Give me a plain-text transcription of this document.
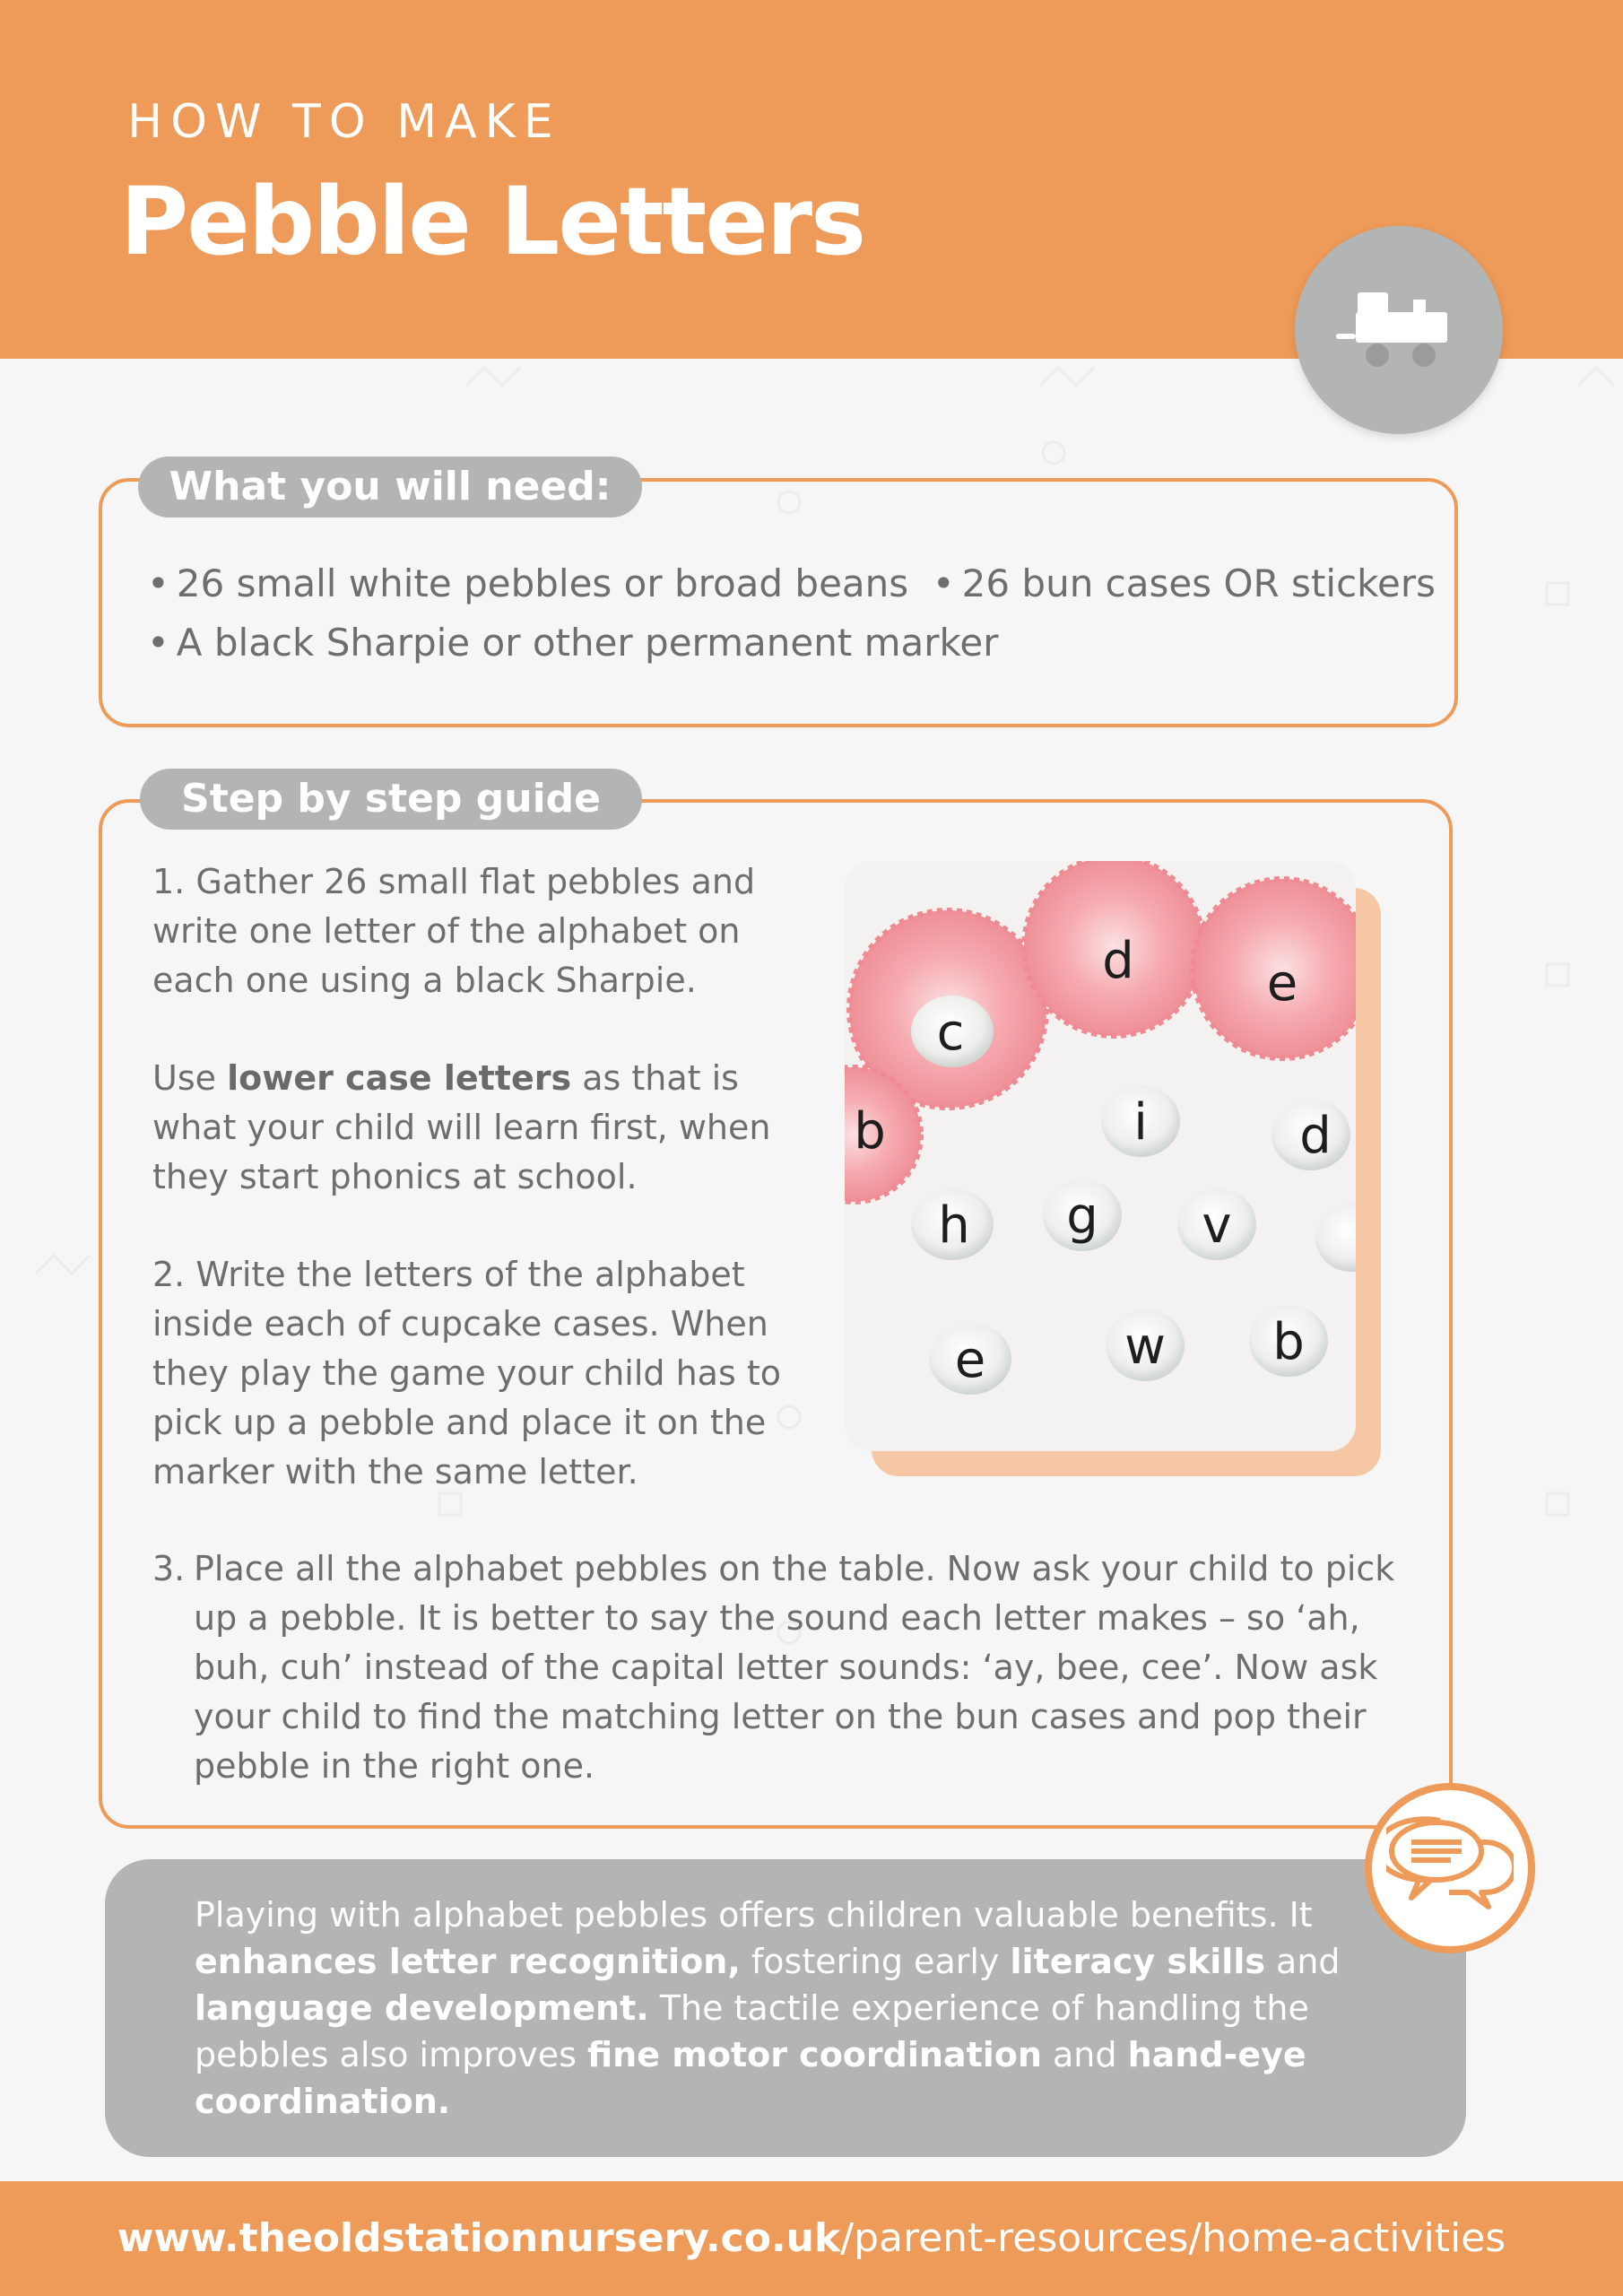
HOW TO MAKE
Pebble Letters
What you will need:
• 26 small white pebbles or broad beans • 26 bun cases OR stickers
• A black Sharpie or other permanent marker
Step by step guide

1. Gather 26 small flat pebbles and write one letter of the alphabet on each one using a black Sharpie.

Use lower case letters as that is what your child will learn first, when they start phonics at school.

2. Write the letters of the alphabet inside each of cupcake cases. When they play the game your child has to pick up a pebble and place it on the marker with the same letter.

c
d	e
b	i	d
h g v
e	w b
3. Place all the alphabet pebbles on the table. Now ask your child to pick up a pebble. It is better to say the sound each letter makes – so ‘ah, buh, cuh’ instead of the capital letter sounds: ‘ay, bee, cee’. Now ask your child to find the matching letter on the bun cases and pop their pebble in the right one.
Playing with alphabet pebbles offers children valuable benefits. It enhances letter recognition, fostering early literacy skills and language development. The tactile experience of handling the pebbles also improves fine motor coordination and hand-eye coordination.
www.theoldstationnursery.co.uk/parent-resources/home-activities
